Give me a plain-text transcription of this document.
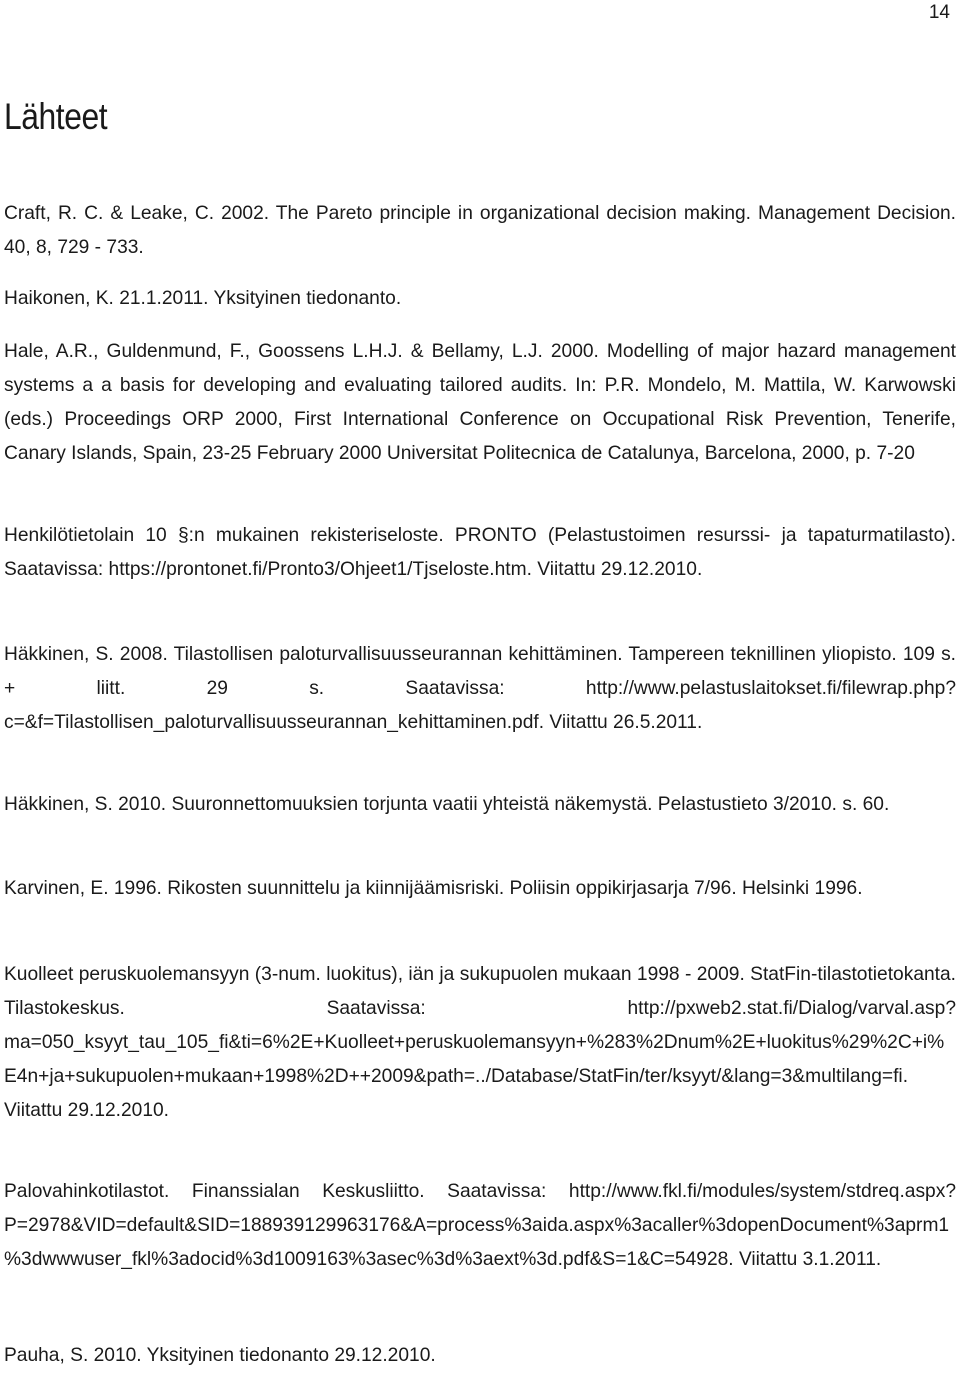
14
Lähteet

Craft, R. C. & Leake, C. 2002. The Pareto principle in organizational decision making. Management Decision. 40, 8, 729 - 733.

Haikonen, K. 21.1.2011. Yksityinen tiedonanto.

Hale, A.R., Guldenmund, F., Goossens L.H.J. & Bellamy, L.J. 2000. Modelling of major hazard management systems a a basis for developing and evaluating tailored audits. In: P.R. Mondelo, M. Mattila, W. Karwowski (eds.) Proceedings ORP 2000, First International Conference on Occupational Risk Prevention, Tenerife, Canary Islands, Spain, 23-25 February 2000 Universitat Politecnica de Catalunya, Barcelona, 2000, p. 7-20

Henkilötietolain 10 §:n mukainen rekisteriseloste. PRONTO (Pelastustoimen resurssi- ja tapaturmatilasto). Saatavissa: https://prontonet.fi/Pronto3/Ohjeet1/Tjseloste.htm. Viitattu 29.12.2010.

Häkkinen, S. 2008. Tilastollisen paloturvallisuusseurannan kehittäminen. Tampereen teknillinen yliopisto. 109 s. + liitt. 29 s. Saatavissa: http://www.pelastuslaitokset.fi/filewrap.php?c=&f=Tilastollisen_paloturvallisuusseurannan_kehittaminen.pdf. Viitattu 26.5.2011.

Häkkinen, S. 2010. Suuronnettomuuksien torjunta vaatii yhteistä näkemystä. Pelastustieto 3/2010. s. 60.

Karvinen, E. 1996. Rikosten suunnittelu ja kiinnijäämisriski. Poliisin oppikirjasarja 7/96. Helsinki 1996.

Kuolleet peruskuolemansyyn (3-num. luokitus), iän ja sukupuolen mukaan 1998 - 2009. StatFin-tilastotietokanta. Tilastokeskus. Saatavissa: http://pxweb2.stat.fi/Dialog/varval.asp?ma=050_ksyyt_tau_105_fi&ti=6%2E+Kuolleet+peruskuolemansyyn+%283%2Dnum%2E+luokitus%29%2C+i%E4n+ja+sukupuolen+mukaan+1998%2D++2009&path=../Database/StatFin/ter/ksyyt/&lang=3&multilang=fi. Viitattu 29.12.2010.

Palovahinkotilastot. Finanssialan Keskusliitto. Saatavissa: http://www.fkl.fi/modules/system/stdreq.aspx?P=2978&VID=default&SID=188939129963176&A=process%3aida.aspx%3acaller%3dopenDocument%3aprm1%3dwwwuser_fkl%3adocid%3d1009163%3asec%3d%3aext%3d.pdf&S=1&C=54928. Viitattu 3.1.2011.

Pauha, S. 2010. Yksityinen tiedonanto 29.12.2010.
